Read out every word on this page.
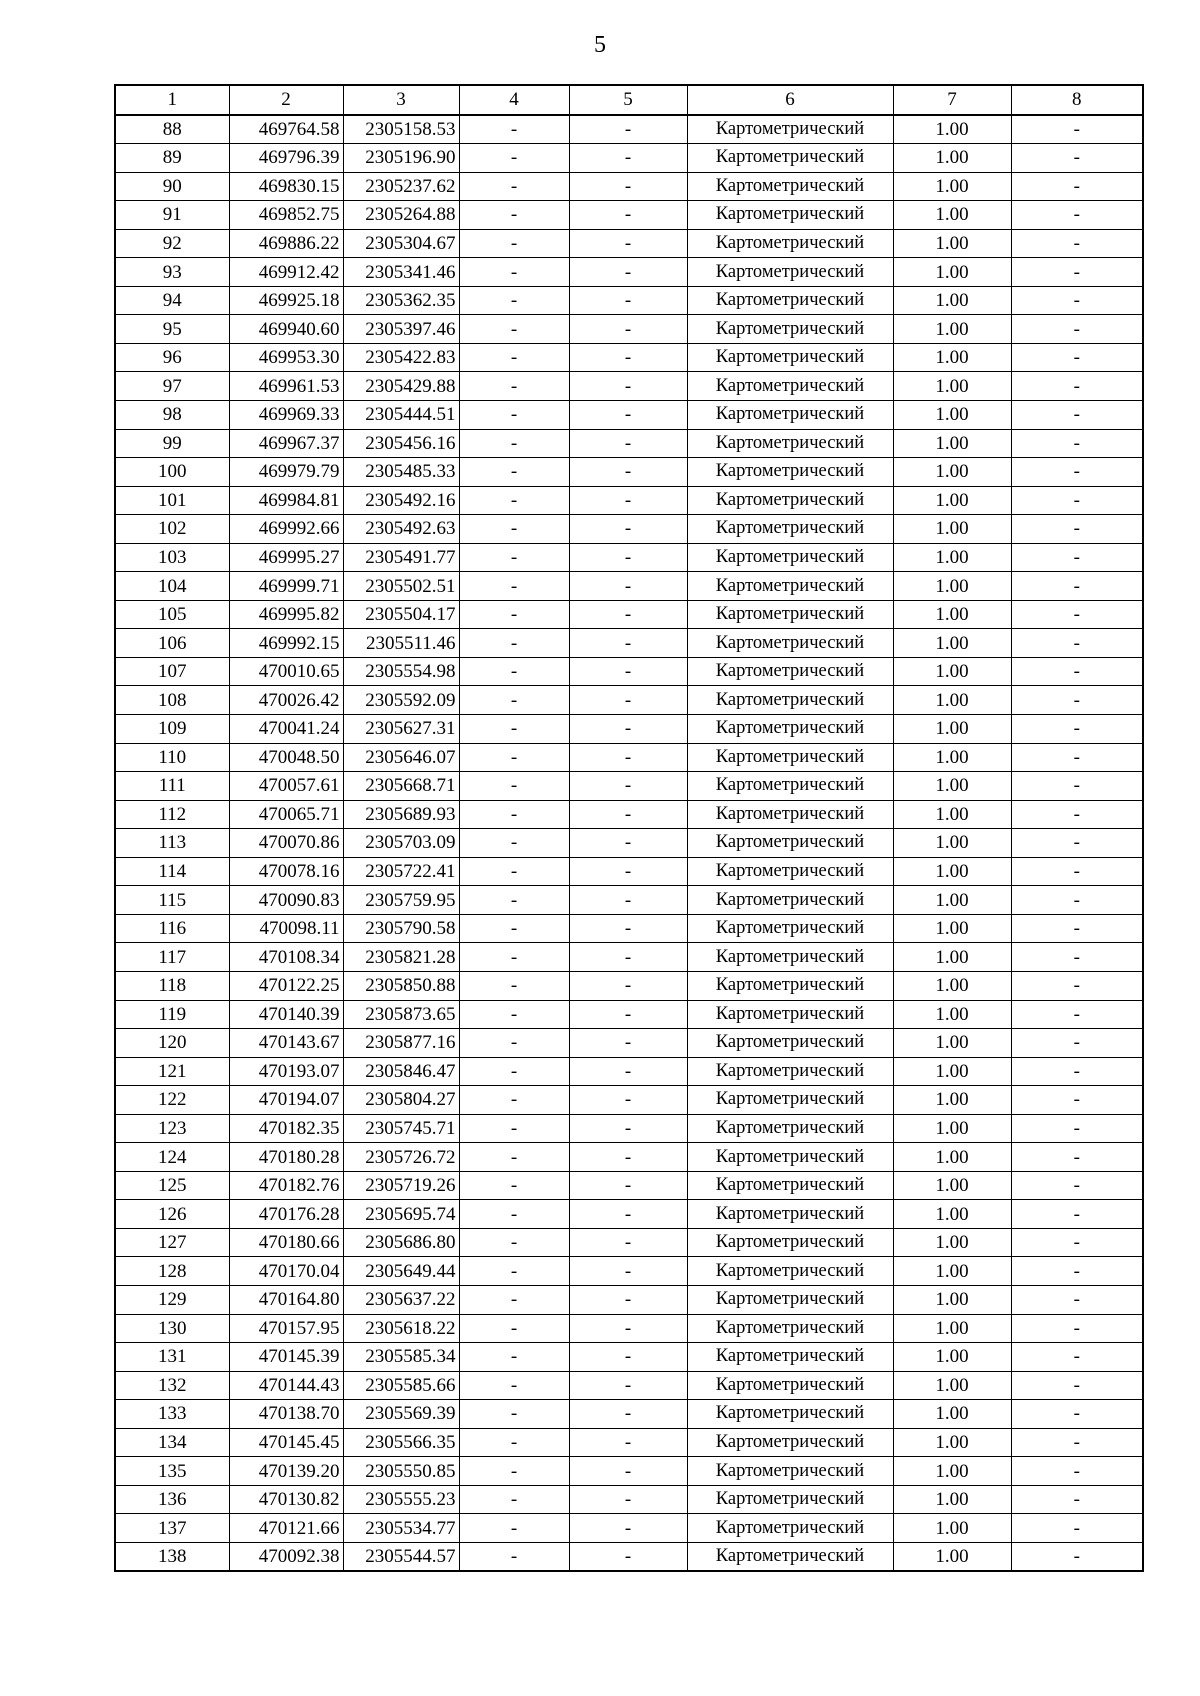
5
1	2	3	4	5	6	7	8
88	469764.58	2305158.53	-	-	Картометрический	1.00	-
89	469796.39	2305196.90	-	-	Картометрический	1.00	-
90	469830.15	2305237.62	-	-	Картометрический	1.00	-
91	469852.75	2305264.88	-	-	Картометрический	1.00	-
92	469886.22	2305304.67	-	-	Картометрический	1.00	-
93	469912.42	2305341.46	-	-	Картометрический	1.00	-
94	469925.18	2305362.35	-	-	Картометрический	1.00	-
95	469940.60	2305397.46	-	-	Картометрический	1.00	-
96	469953.30	2305422.83	-	-	Картометрический	1.00	-
97	469961.53	2305429.88	-	-	Картометрический	1.00	-
98	469969.33	2305444.51	-	-	Картометрический	1.00	-
99	469967.37	2305456.16	-	-	Картометрический	1.00	-
100	469979.79	2305485.33	-	-	Картометрический	1.00	-
101	469984.81	2305492.16	-	-	Картометрический	1.00	-
102	469992.66	2305492.63	-	-	Картометрический	1.00	-
103	469995.27	2305491.77	-	-	Картометрический	1.00	-
104	469999.71	2305502.51	-	-	Картометрический	1.00	-
105	469995.82	2305504.17	-	-	Картометрический	1.00	-
106	469992.15	2305511.46	-	-	Картометрический	1.00	-
107	470010.65	2305554.98	-	-	Картометрический	1.00	-
108	470026.42	2305592.09	-	-	Картометрический	1.00	-
109	470041.24	2305627.31	-	-	Картометрический	1.00	-
110	470048.50	2305646.07	-	-	Картометрический	1.00	-
111	470057.61	2305668.71	-	-	Картометрический	1.00	-
112	470065.71	2305689.93	-	-	Картометрический	1.00	-
113	470070.86	2305703.09	-	-	Картометрический	1.00	-
114	470078.16	2305722.41	-	-	Картометрический	1.00	-
115	470090.83	2305759.95	-	-	Картометрический	1.00	-
116	470098.11	2305790.58	-	-	Картометрический	1.00	-
117	470108.34	2305821.28	-	-	Картометрический	1.00	-
118	470122.25	2305850.88	-	-	Картометрический	1.00	-
119	470140.39	2305873.65	-	-	Картометрический	1.00	-
120	470143.67	2305877.16	-	-	Картометрический	1.00	-
121	470193.07	2305846.47	-	-	Картометрический	1.00	-
122	470194.07	2305804.27	-	-	Картометрический	1.00	-
123	470182.35	2305745.71	-	-	Картометрический	1.00	-
124	470180.28	2305726.72	-	-	Картометрический	1.00	-
125	470182.76	2305719.26	-	-	Картометрический	1.00	-
126	470176.28	2305695.74	-	-	Картометрический	1.00	-
127	470180.66	2305686.80	-	-	Картометрический	1.00	-
128	470170.04	2305649.44	-	-	Картометрический	1.00	-
129	470164.80	2305637.22	-	-	Картометрический	1.00	-
130	470157.95	2305618.22	-	-	Картометрический	1.00	-
131	470145.39	2305585.34	-	-	Картометрический	1.00	-
132	470144.43	2305585.66	-	-	Картометрический	1.00	-
133	470138.70	2305569.39	-	-	Картометрический	1.00	-
134	470145.45	2305566.35	-	-	Картометрический	1.00	-
135	470139.20	2305550.85	-	-	Картометрический	1.00	-
136	470130.82	2305555.23	-	-	Картометрический	1.00	-
137	470121.66	2305534.77	-	-	Картометрический	1.00	-
138	470092.38	2305544.57	-	-	Картометрический	1.00	-
